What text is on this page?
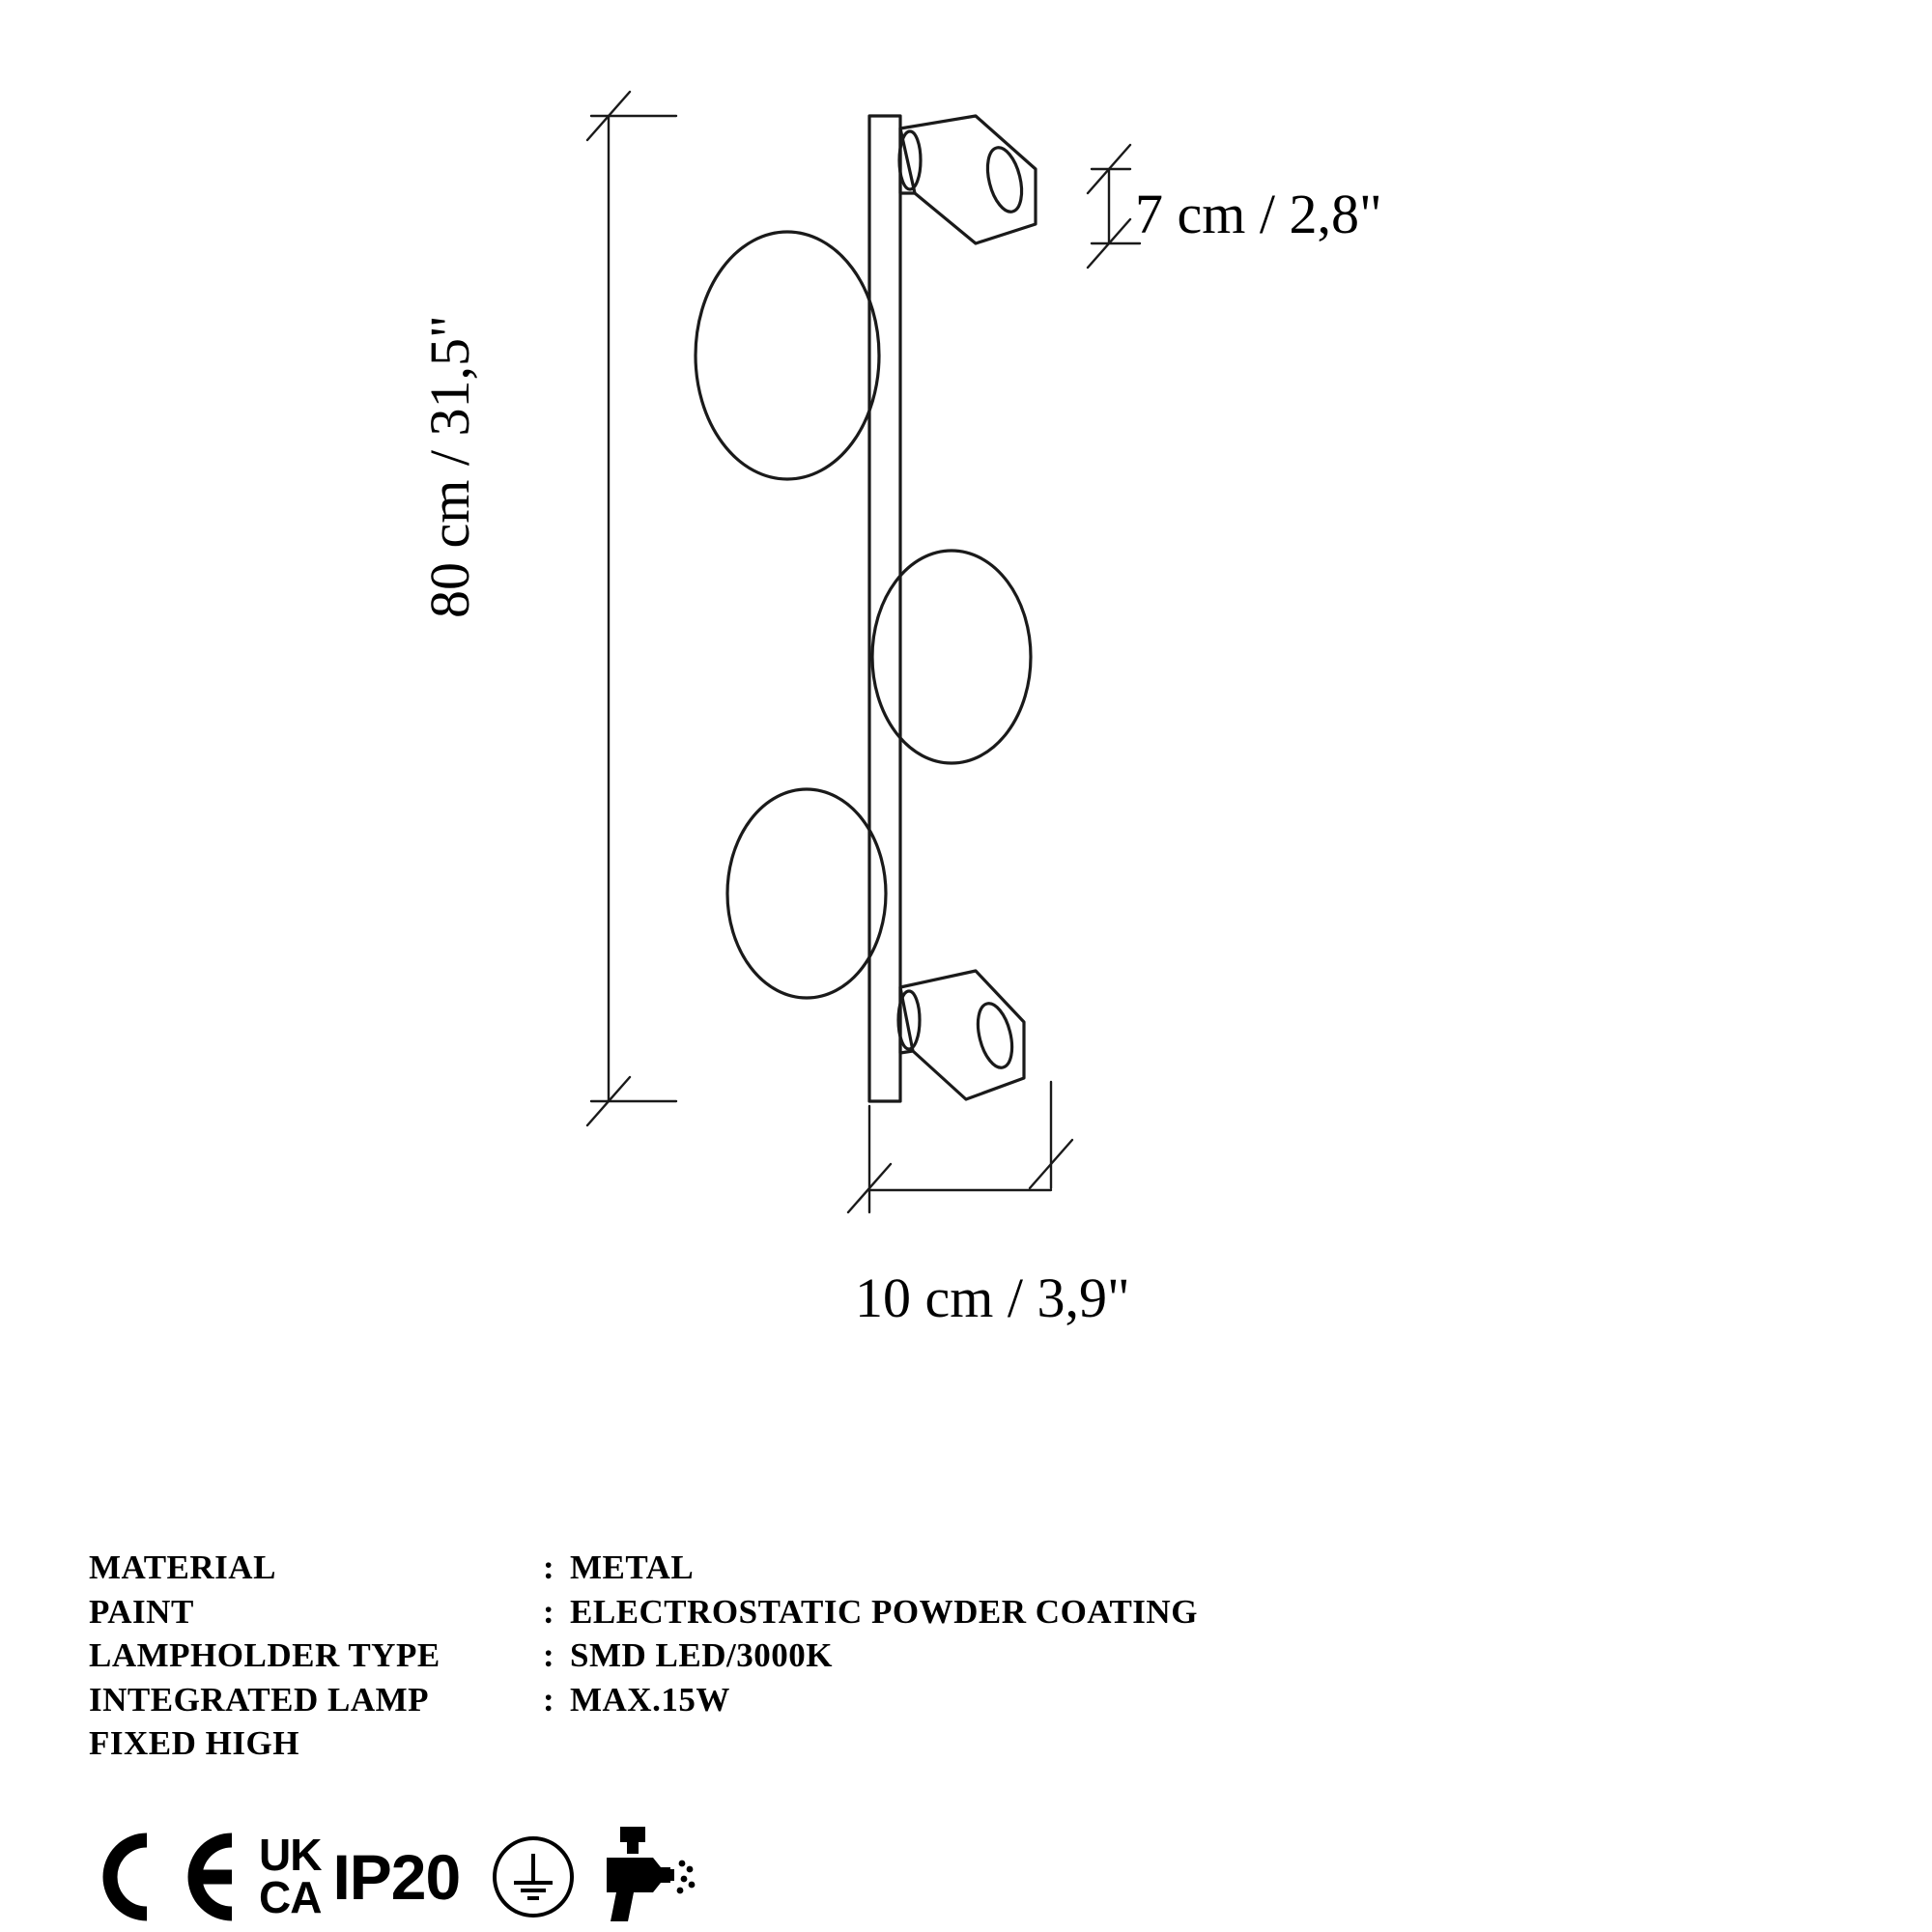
80 cm / 31,5"
7 cm / 2,8"
10 cm / 3,9"
MATERIAL	: METAL
PAINT	: ELECTROSTATIC POWDER COATING
LAMPHOLDER TYPE	: SMD LED/3000K
INTEGRATED LAMP	: MAX.15W
FIXED HIGH
UK
CA IP20
